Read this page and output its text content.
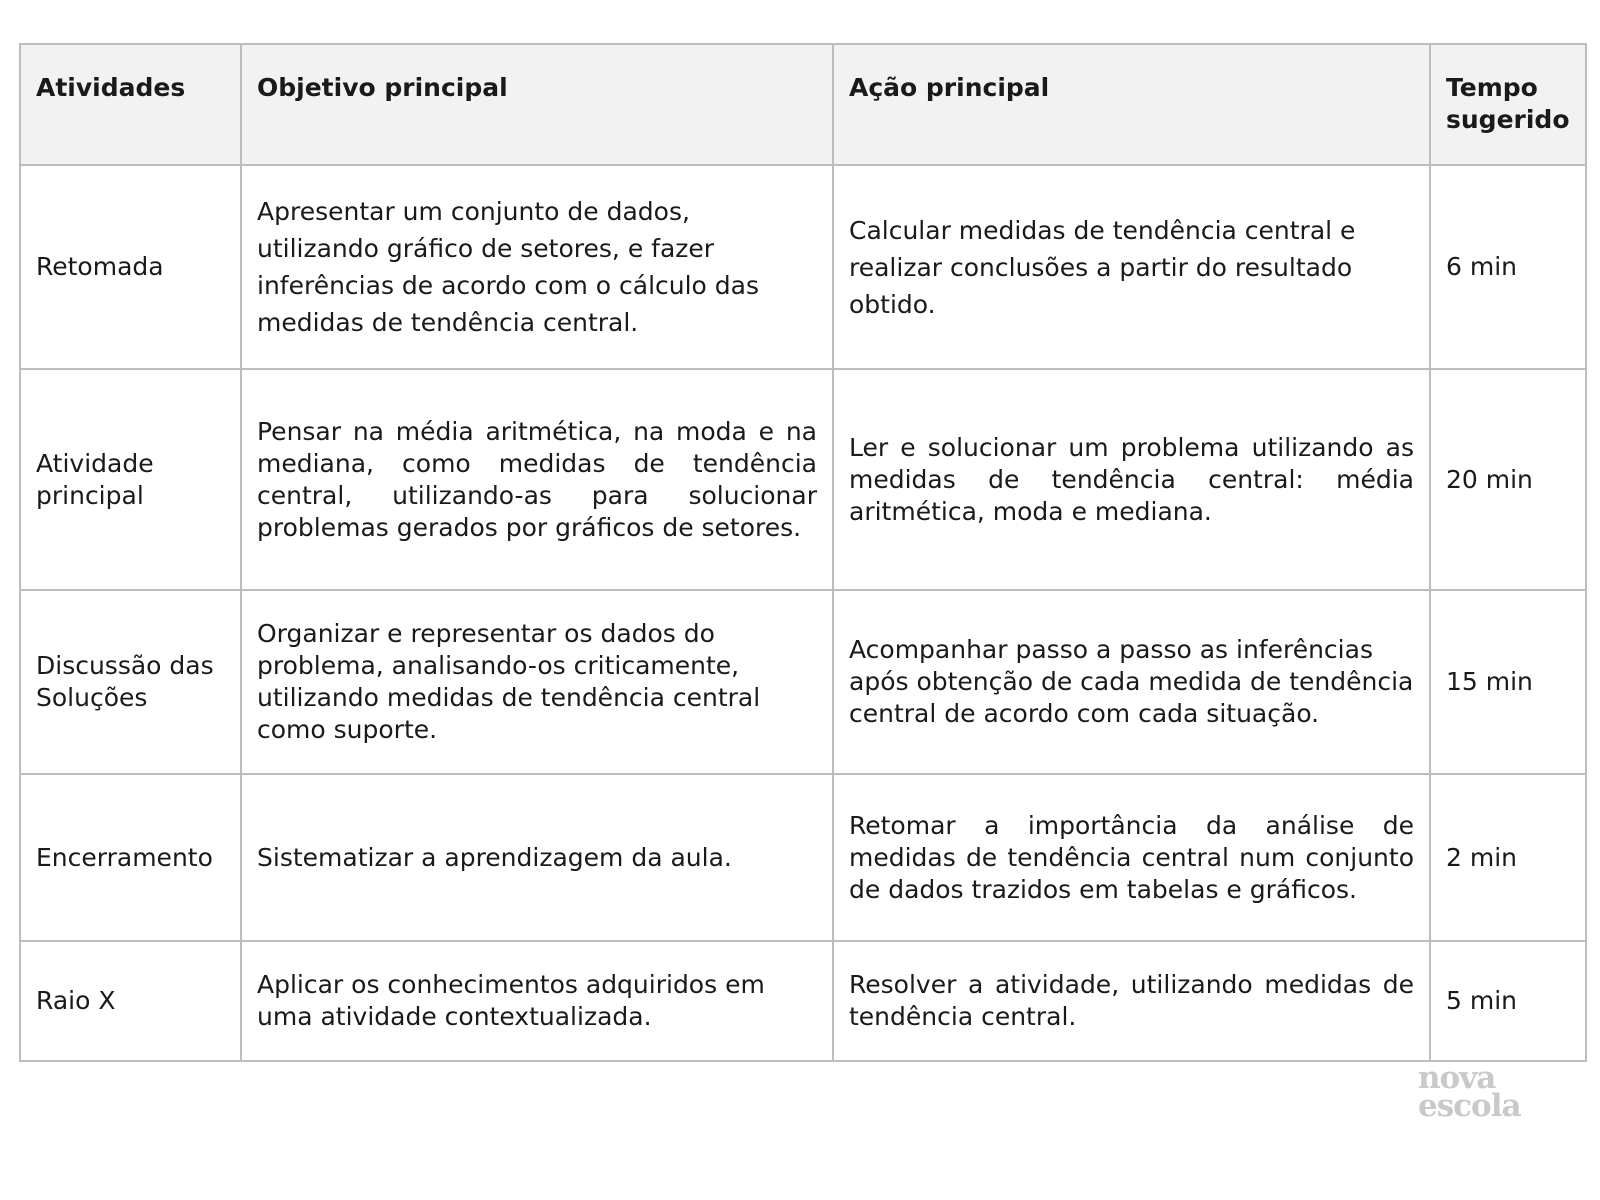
Atividades	Objetivo principal	Ação principal	Tempo sugerido
Retomada	Apresentar um conjunto de dados, utilizando gráfico de setores, e fazer inferências de acordo com o cálculo das medidas de tendência central.	Calcular medidas de tendência central e realizar conclusões a partir do resultado obtido.	6 min
Atividade principal	Pensar na média aritmética, na moda e na mediana, como medidas de tendência central, utilizando-as para solucionar problemas gerados por gráficos de setores.	Ler e solucionar um problema utilizando as medidas de tendência central: média aritmética, moda e mediana.	20 min
Discussão das Soluções	Organizar e representar os dados do problema, analisando-os criticamente, utilizando medidas de tendência central como suporte.	Acompanhar passo a passo as inferências após obtenção de cada medida de tendência central de acordo com cada situação.	15 min
Encerramento	Sistematizar a aprendizagem da aula.	Retomar a importância da análise de medidas de tendência central num conjunto de dados trazidos em tabelas e gráficos.	2 min
Raio X	Aplicar os conhecimentos adquiridos em uma atividade contextualizada.	Resolver a atividade, utilizando medidas de tendência central.	5 min
nova
escola
